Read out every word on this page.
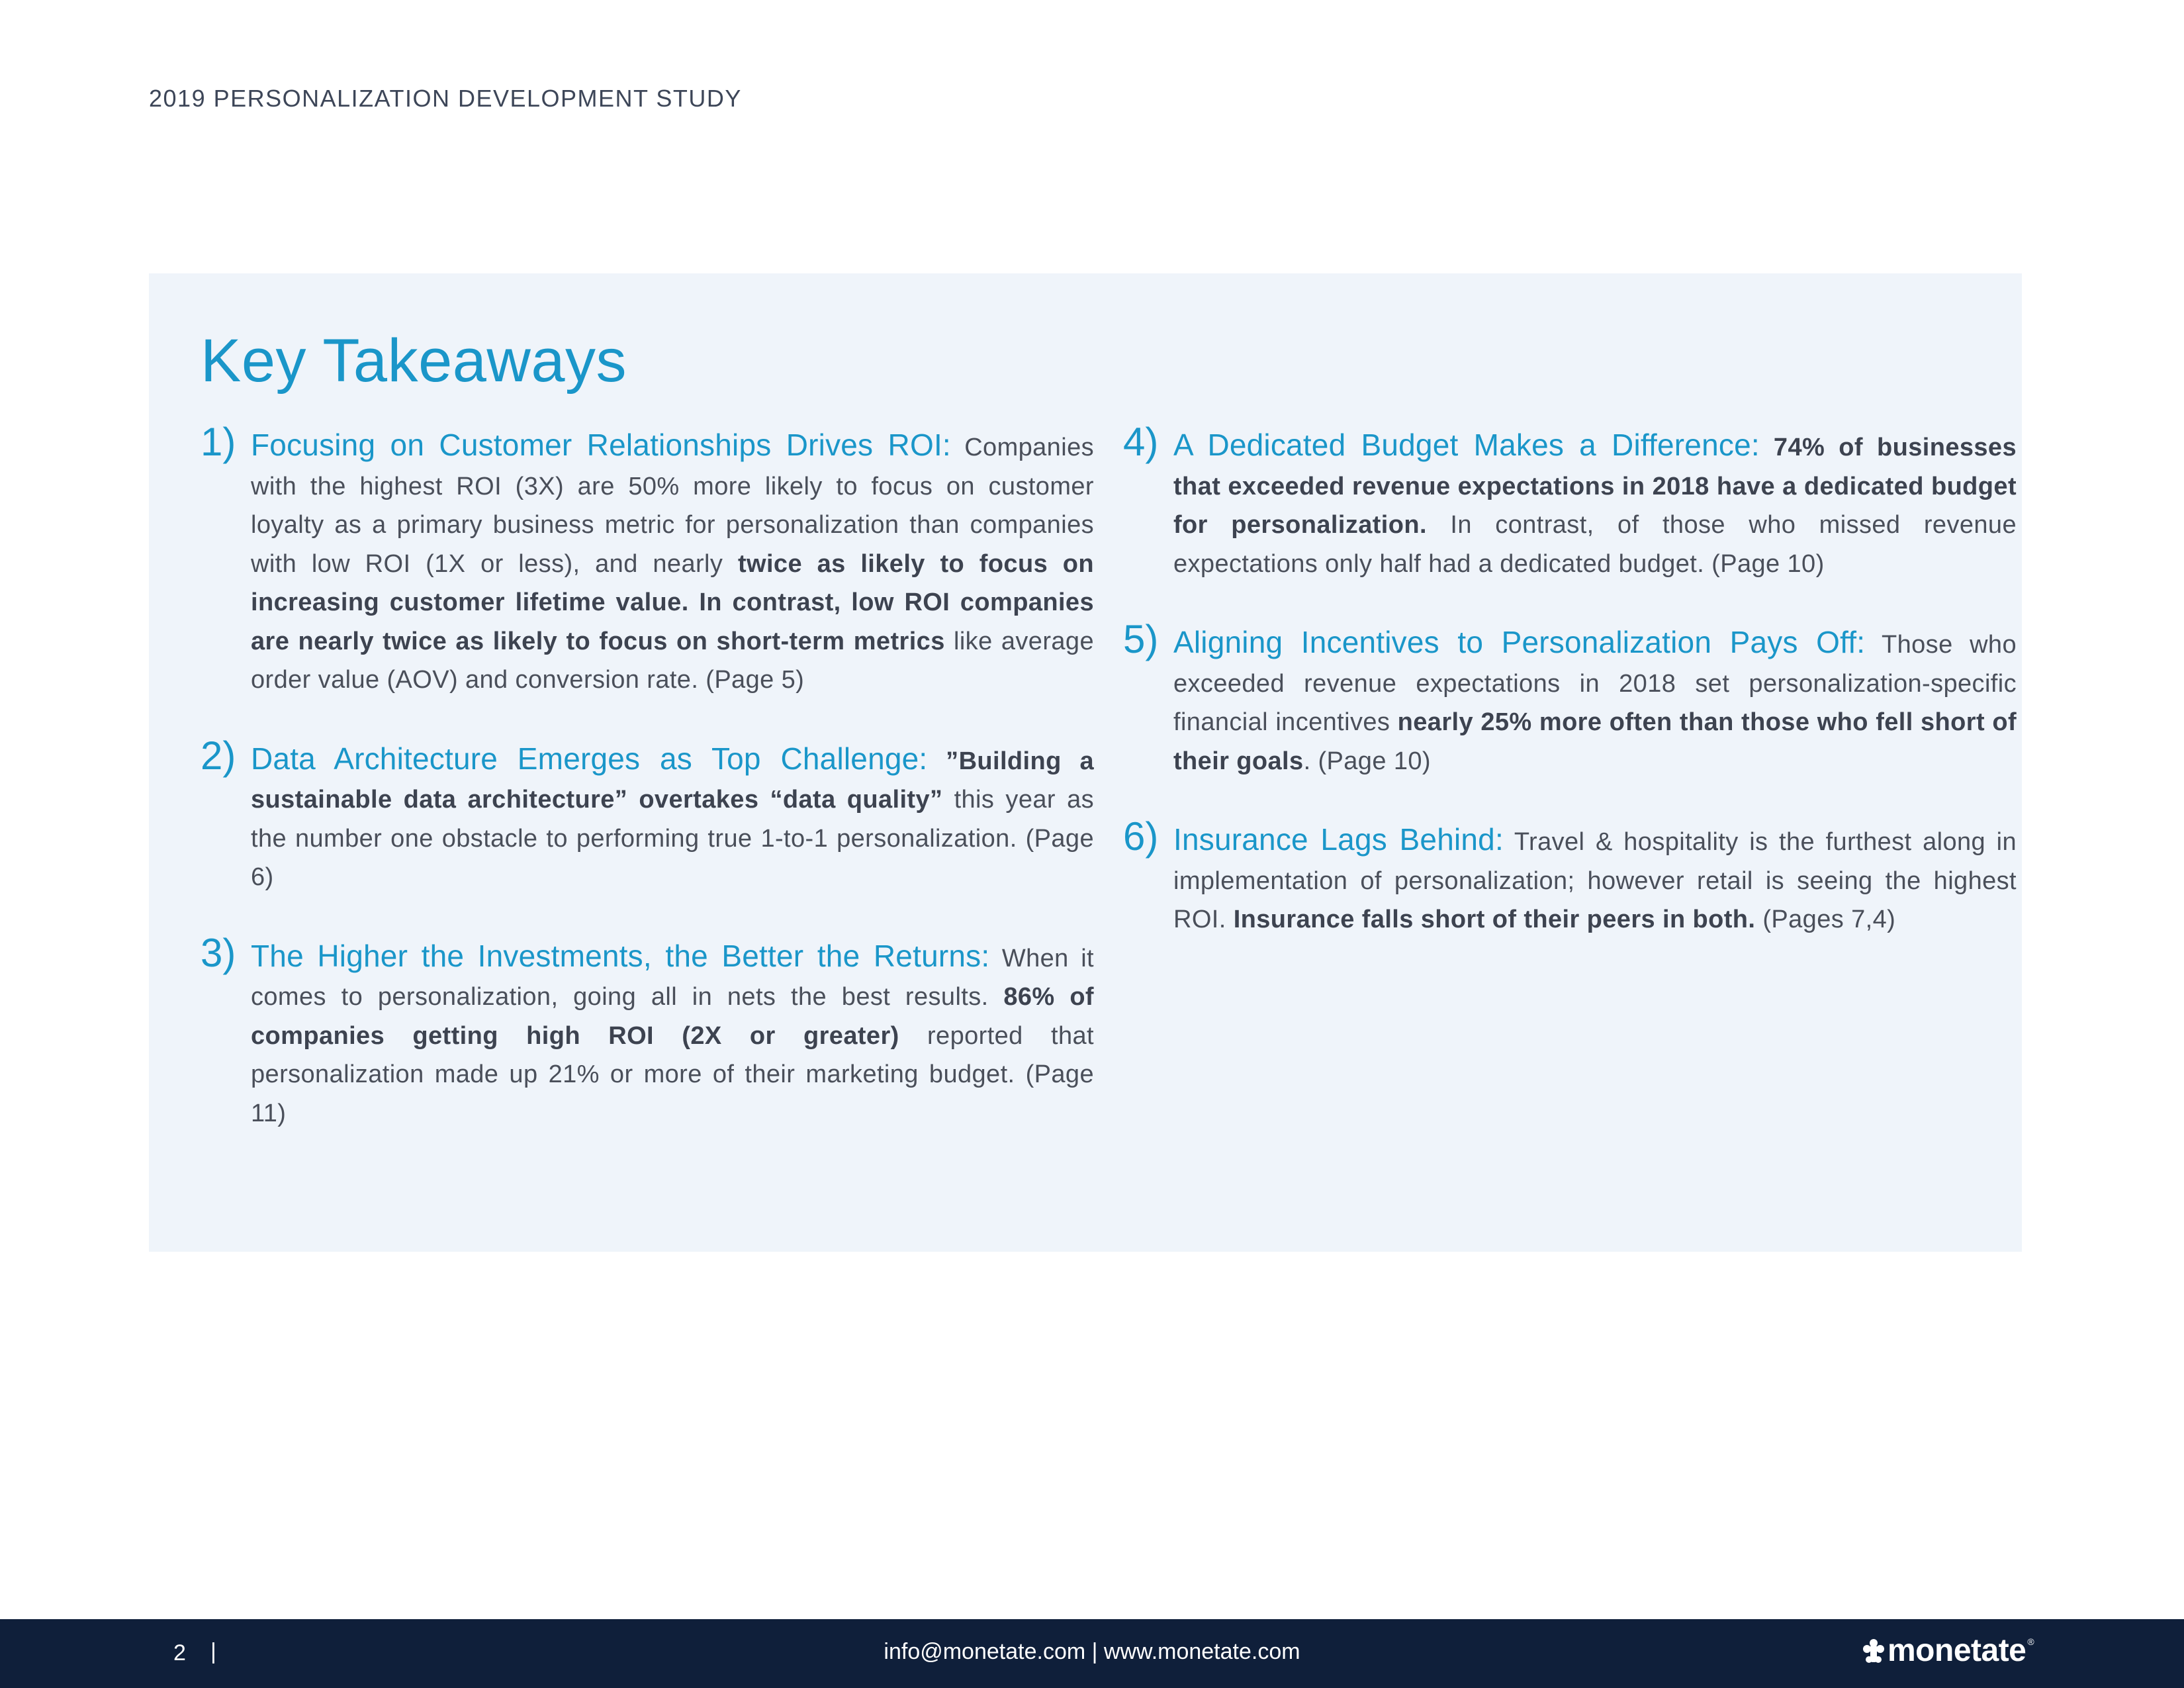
2019 PERSONALIZATION DEVELOPMENT STUDY
Key Takeaways
1) Focusing on Customer Relationships Drives ROI: Companies with the highest ROI (3X) are 50% more likely to focus on customer loyalty as a primary business metric for personalization than companies with low ROI (1X or less), and nearly twice as likely to focus on increasing customer lifetime value. In contrast, low ROI companies are nearly twice as likely to focus on short-term metrics like average order value (AOV) and conversion rate. (Page 5)
2) Data Architecture Emerges as Top Challenge: ”Building a sustainable data architecture” overtakes “data quality” this year as the number one obstacle to performing true 1-to-1 personalization. (Page 6)
3) The Higher the Investments, the Better the Returns: When it comes to personalization, going all in nets the best results. 86% of companies getting high ROI (2X or greater) reported that personalization made up 21% or more of their marketing budget. (Page 11)
4) A Dedicated Budget Makes a Difference: 74% of businesses that exceeded revenue expectations in 2018 have a dedicated budget for personalization. In contrast, of those who missed revenue expectations only half had a dedicated budget. (Page 10)
5) Aligning Incentives to Personalization Pays Off: Those who exceeded revenue expectations in 2018 set personalization-specific financial incentives nearly 25% more often than those who fell short of their goals. (Page 10)
6) Insurance Lags Behind: Travel & hospitality is the furthest along in implementation of personalization; however retail is seeing the highest ROI. Insurance falls short of their peers in both. (Pages 7,4)
2 |	info@monetate.com | www.monetate.com	monetate ®
